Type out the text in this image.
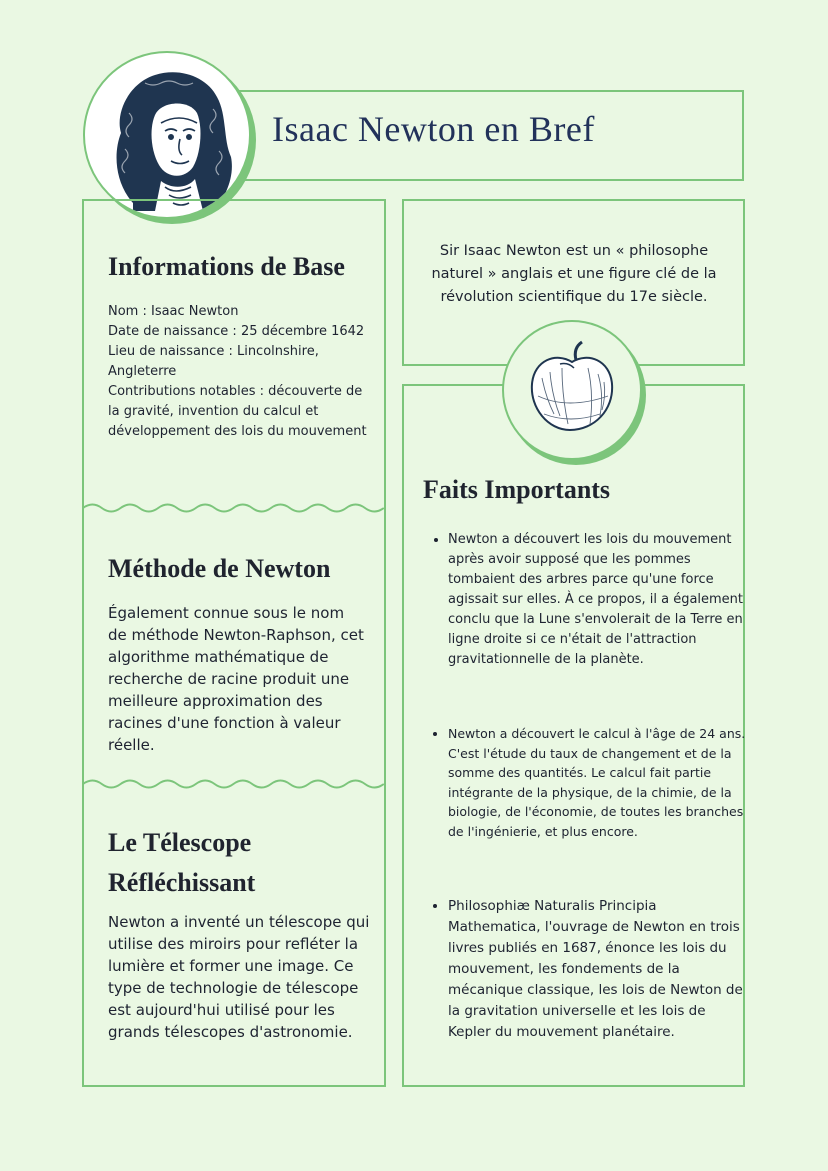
Isaac Newton en Bref
Informations de Base
Nom : Isaac Newton
Date de naissance : 25 décembre 1642
Lieu de naissance : Lincolnshire, Angleterre
Contributions notables : découverte de la gravité, invention du calcul et développement des lois du mouvement
Méthode de Newton

Également connue sous le nom de méthode Newton-Raphson, cet algorithme mathématique de recherche de racine produit une meilleure approximation des racines d'une fonction à valeur réelle.

Le Télescope Réfléchissant

Newton a inventé un télescope qui utilise des miroirs pour refléter la lumière et former une image. Ce type de technologie de télescope est aujourd'hui utilisé pour les grands télescopes d'astronomie.

Sir Isaac Newton est un « philosophe naturel » anglais et une figure clé de la révolution scientifique du 17e siècle.

Faits Importants
• Newton a découvert les lois du mouvement après avoir supposé que les pommes tombaient des arbres parce qu'une force agissait sur elles. À ce propos, il a également conclu que la Lune s'envolerait de la Terre en ligne droite si ce n'était de l'attraction gravitationnelle de la planète.
• Newton a découvert le calcul à l'âge de 24 ans. C'est l'étude du taux de changement et de la somme des quantités. Le calcul fait partie intégrante de la physique, de la chimie, de la biologie, de l'économie, de toutes les branches de l'ingénierie, et plus encore.
• Philosophiæ Naturalis Principia Mathematica, l'ouvrage de Newton en trois livres publiés en 1687, énonce les lois du mouvement, les fondements de la mécanique classique, les lois de Newton de la gravitation universelle et les lois de Kepler du mouvement planétaire.
